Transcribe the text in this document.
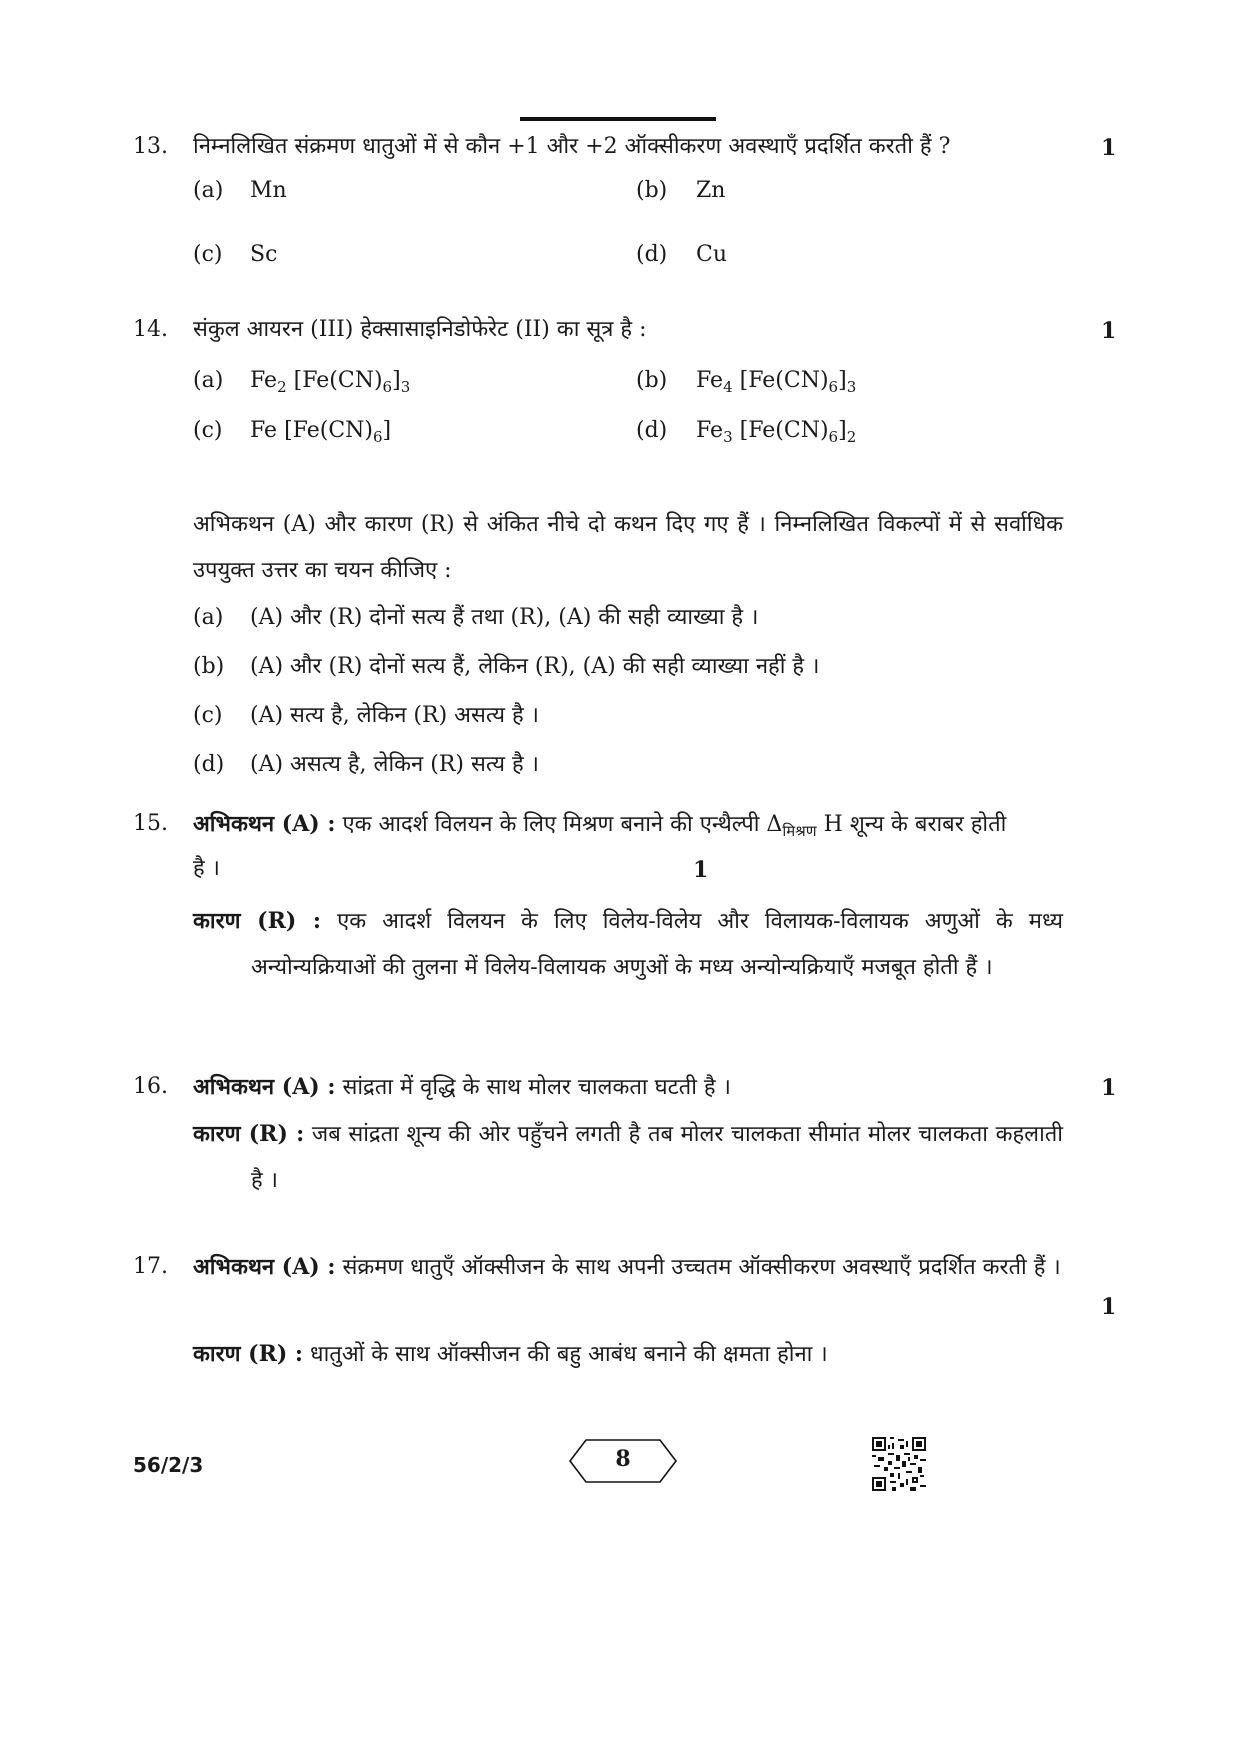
13. निम्नलिखित संक्रमण धातुओं में से कौन +1 और +2 ऑक्सीकरण अवस्थाएँ प्रदर्शित करती हैं ?	1
(a) Mn	(b) Zn
(c) Sc	(d) Cu
14. संकुल आयरन (III) हेक्सासाइनिडोफेरेट (II) का सूत्र है :	1
(a) $Fe_2$ $[Fe(CN)_6]_3$	(b) $Fe_4$ $[Fe(CN)_6]_3$
(c) Fe $[Fe(CN)_6]$	(d) $Fe_3$ $[Fe(CN)_6]_2$
अभिकथन (A) और कारण (R) से अंकित नीचे दो कथन दिए गए हैं । निम्नलिखित विकल्पों में से सर्वाधिक उपयुक्त उत्तर का चयन कीजिए :
(a) (A) और (R) दोनों सत्य हैं तथा (R), (A) की सही व्याख्या है ।
(b) (A) और (R) दोनों सत्य हैं, लेकिन (R), (A) की सही व्याख्या नहीं है ।
(c) (A) सत्य है, लेकिन (R) असत्य है ।
(d) (A) असत्य है, लेकिन (R) सत्य है ।
15. अभिकथन (A) : एक आदर्श विलयन के लिए मिश्रण बनाने की एन्थैल्पी $\Delta_{मिश्रण}$ H शून्य के बराबर होती
है ।	1
कारण (R) : एक आदर्श विलयन के लिए विलेय-विलेय और विलायक-विलायक अणुओं के मध्य अन्योन्यक्रियाओं की तुलना में विलेय-विलायक अणुओं के मध्य अन्योन्यक्रियाएँ मजबूत होती हैं ।
16. अभिकथन (A) : सांद्रता में वृद्धि के साथ मोलर चालकता घटती है ।	1
कारण (R) : जब सांद्रता शून्य की ओर पहुँचने लगती है तब मोलर चालकता सीमांत मोलर चालकता कहलाती है ।
17. अभिकथन (A) : संक्रमण धातुएँ ऑक्सीजन के साथ अपनी उच्चतम ऑक्सीकरण अवस्थाएँ प्रदर्शित करती हैं ।
1
कारण (R) : धातुओं के साथ ऑक्सीजन की बहु आबंध बनाने की क्षमता होना ।
56/2/3	8
